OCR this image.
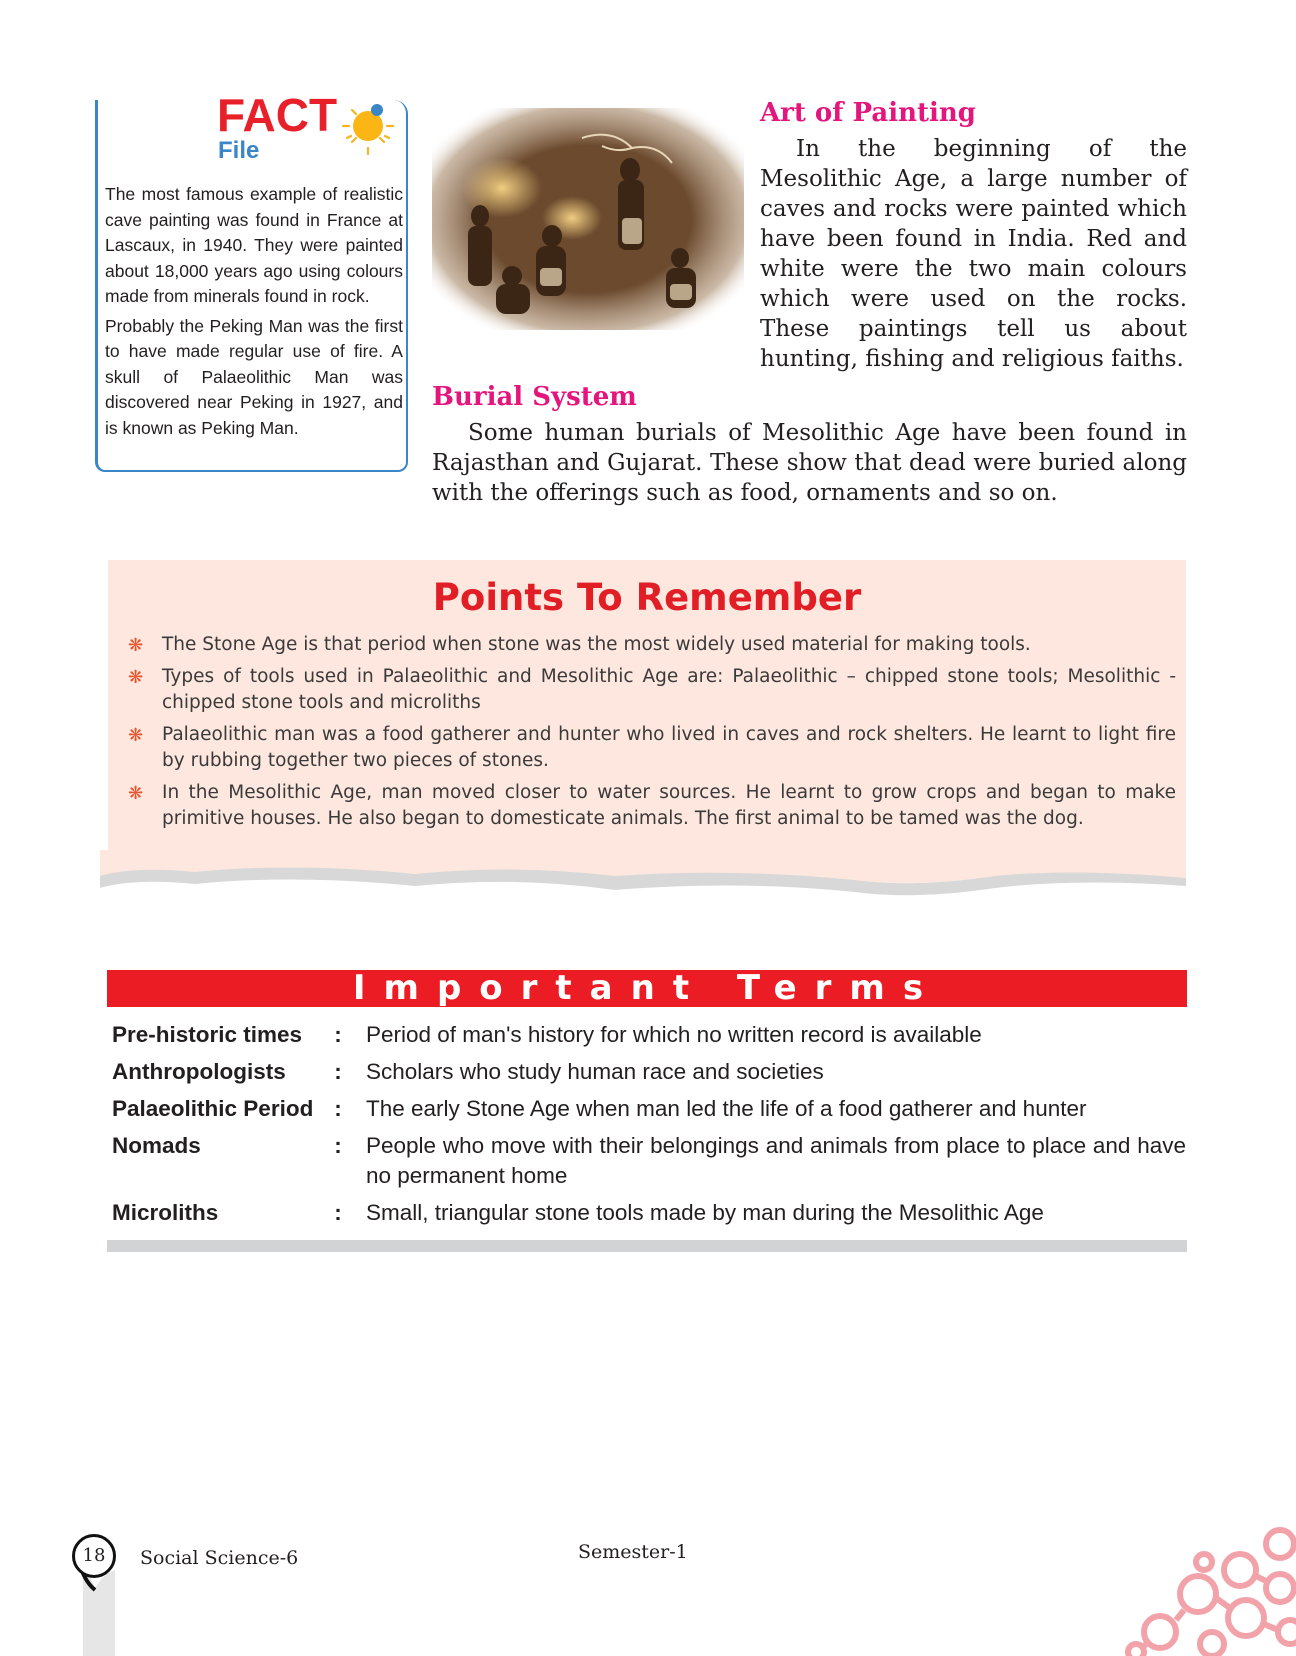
FACT
File

The most famous example of realistic cave painting was found in France at Lascaux, in 1940. They were painted about 18,000 years ago using colours made from minerals found in rock.

Probably the Peking Man was the first to have made regular use of fire. A skull of Palaeolithic Man was discovered near Peking in 1927, and is known as Peking Man.

Art of Painting
In the beginning of the Mesolithic Age, a large number of caves and rocks were painted which have been found in India. Red and white were the two main colours which were used on the rocks. These paintings tell us about hunting, fishing and religious faiths.
Burial System
Some human burials of Mesolithic Age have been found in Rajasthan and Gujarat. These show that dead were buried along with the offerings such as food, ornaments and so on.
Points To Remember
❋ The Stone Age is that period when stone was the most widely used material for making tools.
❋ Types of tools used in Palaeolithic and Mesolithic Age are: Palaeolithic – chipped stone tools; Mesolithic - chipped stone tools and microliths
❋ Palaeolithic man was a food gatherer and hunter who lived in caves and rock shelters. He learnt to light fire by rubbing together two pieces of stones.
❋ In the Mesolithic Age, man moved closer to water sources. He learnt to grow crops and began to make primitive houses. He also began to domesticate animals. The first animal to be tamed was the dog.
Important Terms
Pre-historic times	:	Period of man's history for which no written record is available
Anthropologists	:	Scholars who study human race and societies
Palaeolithic Period :	The early Stone Age when man led the life of a food gatherer and hunter
Nomads	:	People who move with their belongings and animals from place to place and have no permanent home
Microliths	:	Small, triangular stone tools made by man during the Mesolithic Age
18	Social Science-6	Semester-1
